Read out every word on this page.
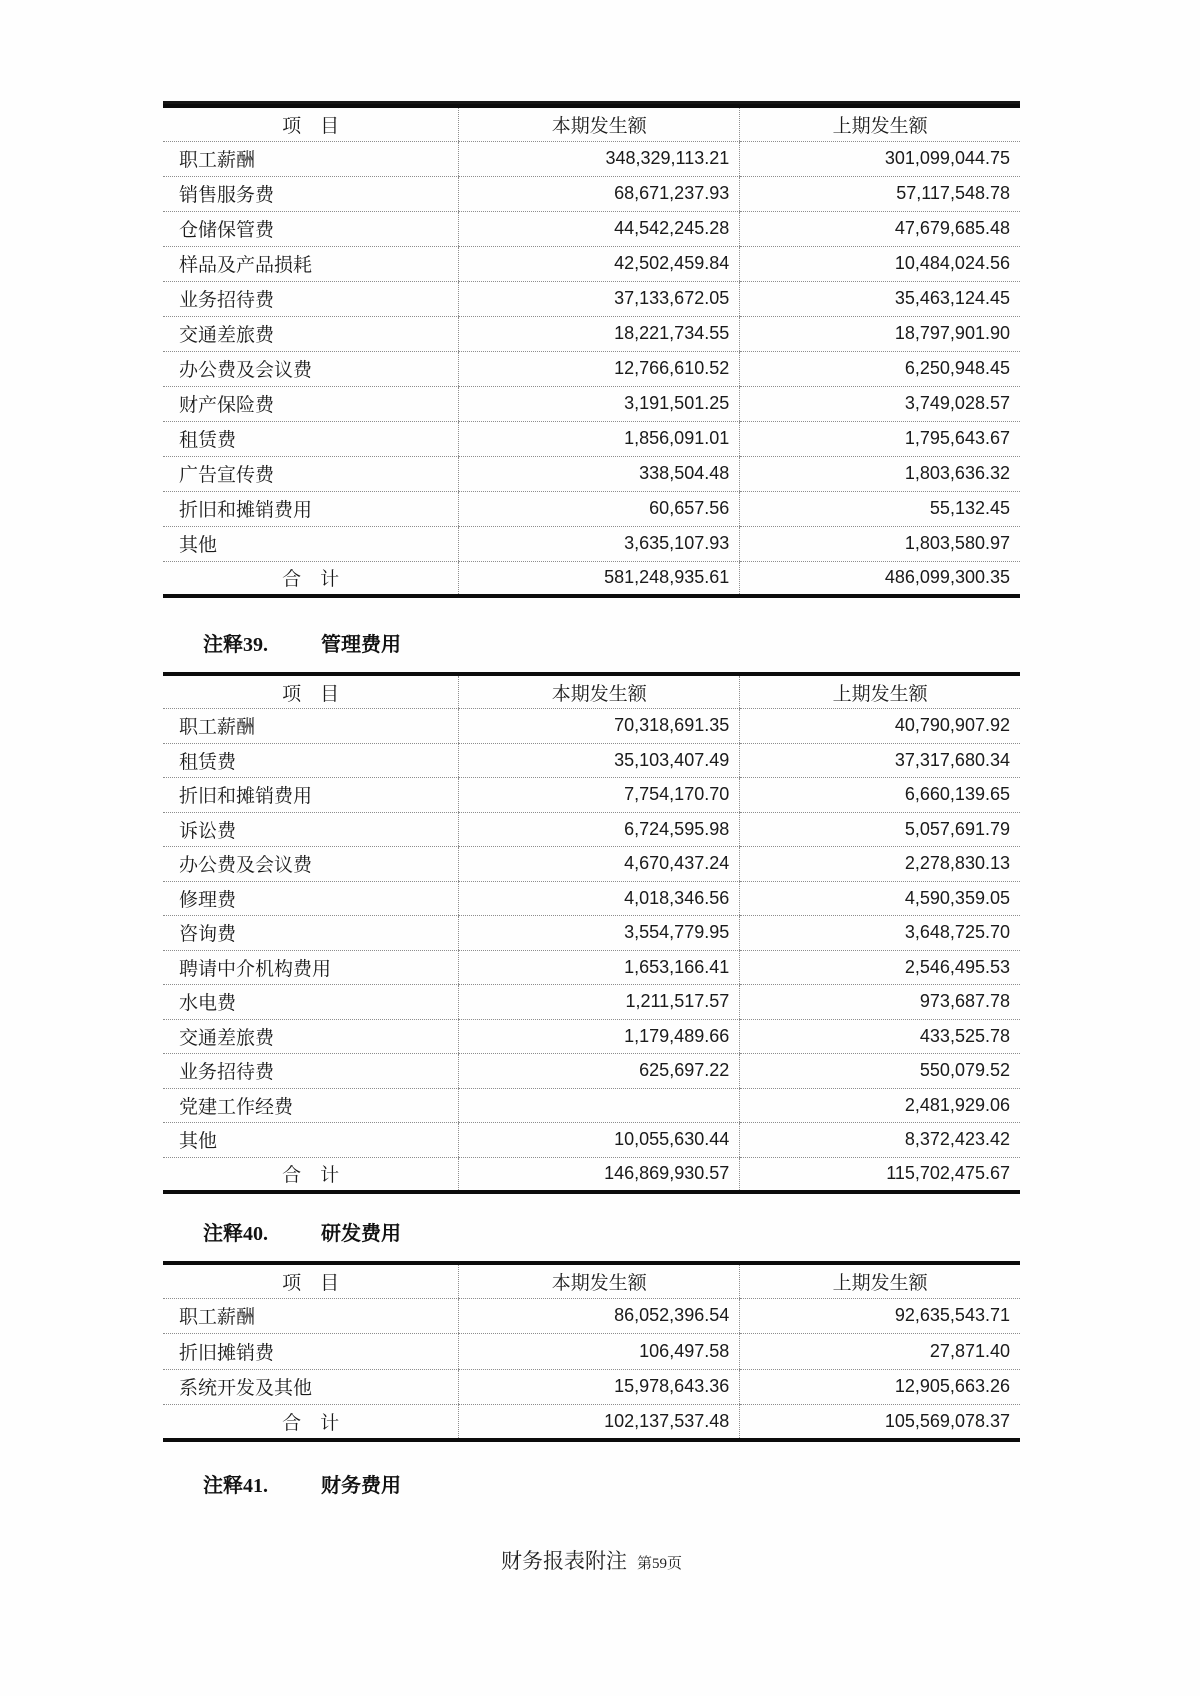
项　目	本期发生额	上期发生额
职工薪酬	348,329,113.21	301,099,044.75
销售服务费	68,671,237.93	57,117,548.78
仓储保管费	44,542,245.28	47,679,685.48
样品及产品损耗	42,502,459.84	10,484,024.56
业务招待费	37,133,672.05	35,463,124.45
交通差旅费	18,221,734.55	18,797,901.90
办公费及会议费	12,766,610.52	6,250,948.45
财产保险费	3,191,501.25	3,749,028.57
租赁费	1,856,091.01	1,795,643.67
广告宣传费	338,504.48	1,803,636.32
折旧和摊销费用	60,657.56	55,132.45
其他	3,635,107.93	1,803,580.97
合　计	581,248,935.61	486,099,300.35
注释39.	管理费用
项　目	本期发生额	上期发生额
职工薪酬	70,318,691.35	40,790,907.92
租赁费	35,103,407.49	37,317,680.34
折旧和摊销费用	7,754,170.70	6,660,139.65
诉讼费	6,724,595.98	5,057,691.79
办公费及会议费	4,670,437.24	2,278,830.13
修理费	4,018,346.56	4,590,359.05
咨询费	3,554,779.95	3,648,725.70
聘请中介机构费用	1,653,166.41	2,546,495.53
水电费	1,211,517.57	973,687.78
交通差旅费	1,179,489.66	433,525.78
业务招待费	625,697.22	550,079.52
党建工作经费		2,481,929.06
其他	10,055,630.44	8,372,423.42
合　计	146,869,930.57	115,702,475.67
注释40.	研发费用
项　目	本期发生额	上期发生额
职工薪酬	86,052,396.54	92,635,543.71
折旧摊销费	106,497.58	27,871.40
系统开发及其他	15,978,643.36	12,905,663.26
合　计	102,137,537.48	105,569,078.37
注释41.	财务费用
财务报表附注 第59页
